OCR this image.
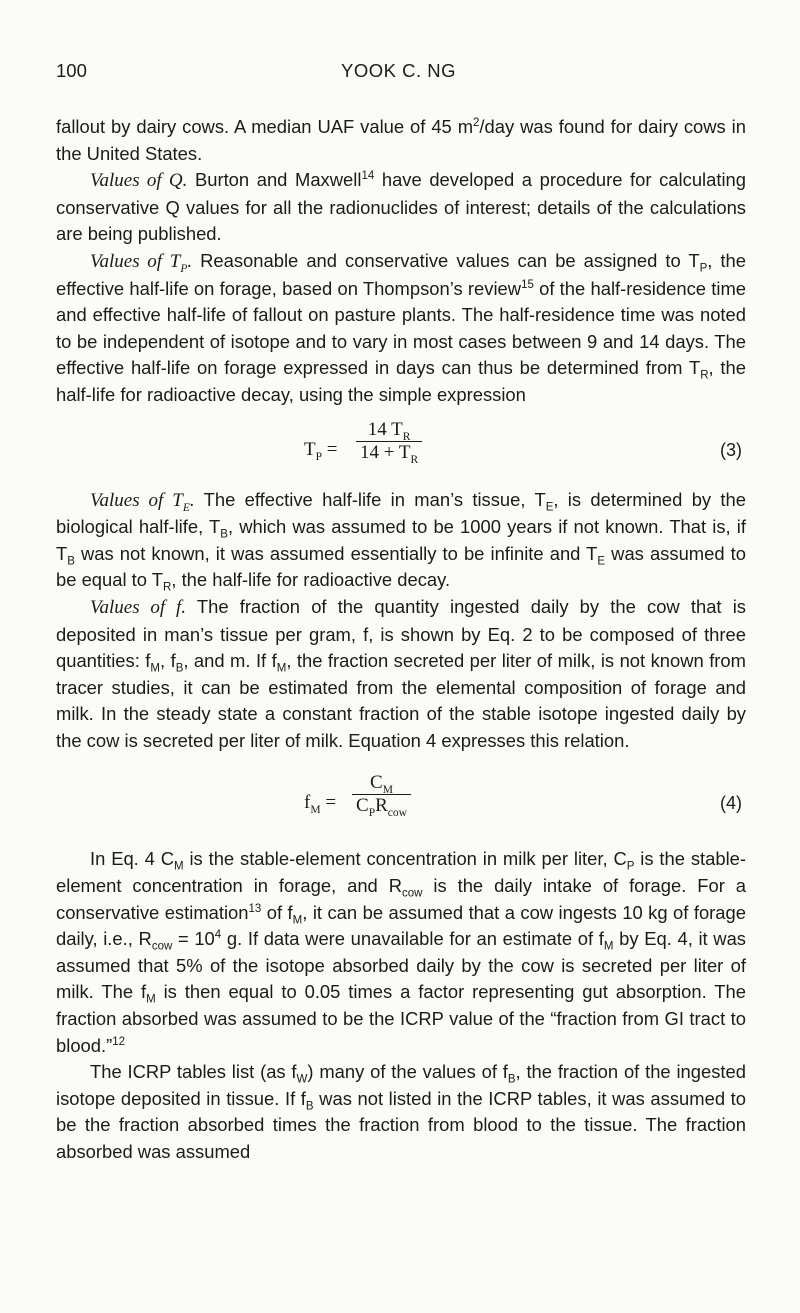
100	YOOK C. NG

fallout by dairy cows. A median UAF value of 45 $m^2$/day was found for dairy cows in the United States.

Values of Q. Burton and Maxwell$^{14}$ have developed a procedure for calculating conservative Q values for all the radionuclides of interest; details of the calculations are being published.

Values of $T_P$. Reasonable and conservative values can be assigned to $T_P$, the effective half-life on forage, based on Thompson’s review$^{15}$ of the half-residence time and effective half-life of fallout on pasture plants. The half-residence time was noted to be independent of isotope and to vary in most cases between 9 and 14 days. The effective half-life on forage expressed in days can thus be determined from $T_R$, the half-life for radioactive decay, using the simple expression

$T_P = \frac{14 T_R}{14 + T_R}$	(3)

Values of $T_E$. The effective half-life in man’s tissue, $T_E$, is determined by the biological half-life, $T_B$, which was assumed to be 1000 years if not known. That is, if $T_B$ was not known, it was assumed essentially to be infinite and $T_E$ was assumed to be equal to $T_R$, the half-life for radioactive decay.

Values of f. The fraction of the quantity ingested daily by the cow that is deposited in man’s tissue per gram, f, is shown by Eq. 2 to be composed of three quantities: $f_M$, $f_B$, and m. If $f_M$, the fraction secreted per liter of milk, is not known from tracer studies, it can be estimated from the elemental composition of forage and milk. In the steady state a constant fraction of the stable isotope ingested daily by the cow is secreted per liter of milk. Equation 4 expresses this relation.

$f_M$ =
$C_M$
$C_PR_{cow}$	(4)

In Eq. 4 $C_M$ is the stable-element concentration in milk per liter, $C_P$ is the stable-element concentration in forage, and $R_{cow}$ is the daily intake of forage. For a conservative estimation$^{13}$ of $f_M$, it can be assumed that a cow ingests 10 kg of forage daily, i.e., $R_{cow} = 10^4$ g. If data were unavailable for an estimate of $f_M$ by Eq. 4, it was assumed that 5% of the isotope absorbed daily by the cow is secreted per liter of milk. The $f_M$ is then equal to 0.05 times a factor representing gut absorption. The fraction absorbed was assumed to be the ICRP value of the “fraction from GI tract to blood.”$^{12}$

The ICRP tables list (as $f_W$) many of the values of $f_B$, the fraction of the ingested isotope deposited in tissue. If $f_B$ was not listed in the ICRP tables, it was assumed to be the fraction absorbed times the fraction from blood to the tissue. The fraction absorbed was assumed
